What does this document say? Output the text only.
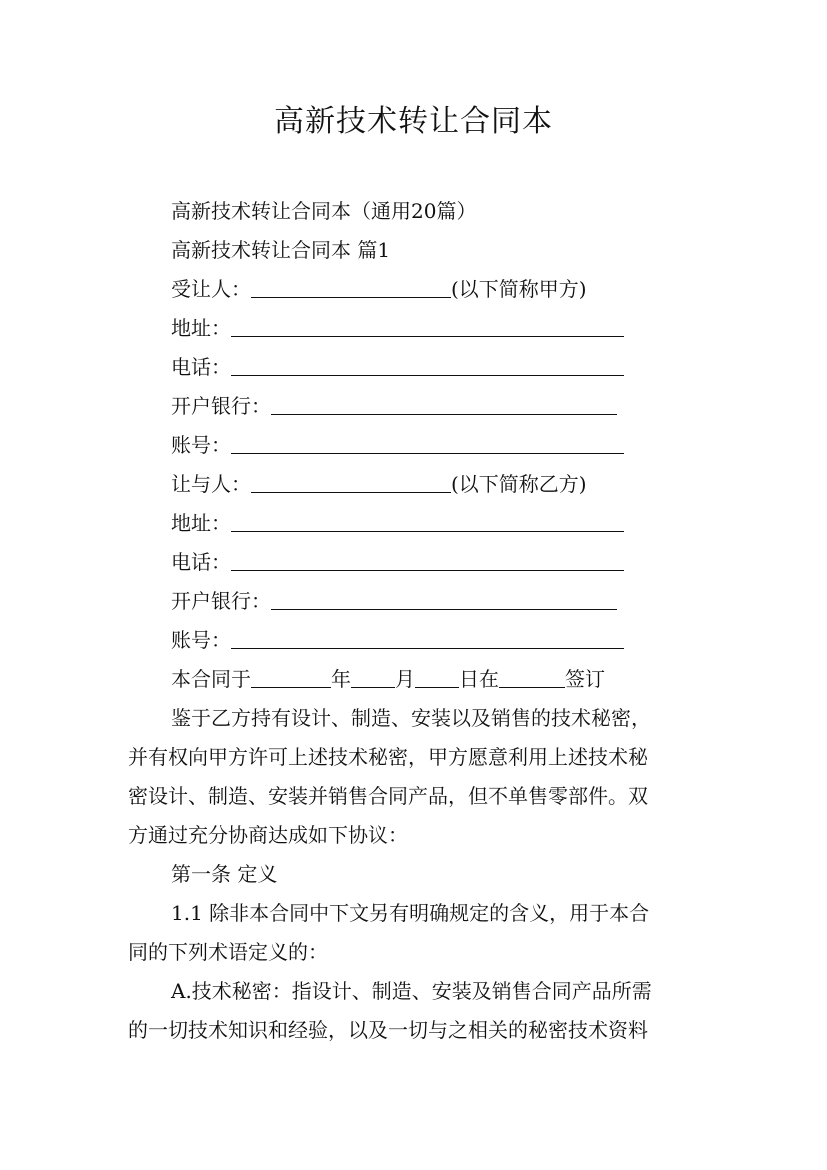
高新技术转让合同本
高新技术转让合同本（通用20篇）
高新技术转让合同本 篇1
受让人：	(以下简称甲方)
地址：
电话：
开户银行：
账号：
让与人：	(以下简称乙方)
地址：
电话：
开户银行：
账号：
本合同于	年 月 日在	签订
鉴于乙方持有设计、制造、安装以及销售的技术秘密，
并有权向甲方许可上述技术秘密，甲方愿意利用上述技术秘
密设计、制造、安装并销售合同产品，但不单售零部件。双
方通过充分协商达成如下协议：
第一条 定义
1.1 除非本合同中下文另有明确规定的含义，用于本合
同的下列术语定义的：
A.技术秘密：指设计、制造、安装及销售合同产品所需
的一切技术知识和经验，以及一切与之相关的秘密技术资料
